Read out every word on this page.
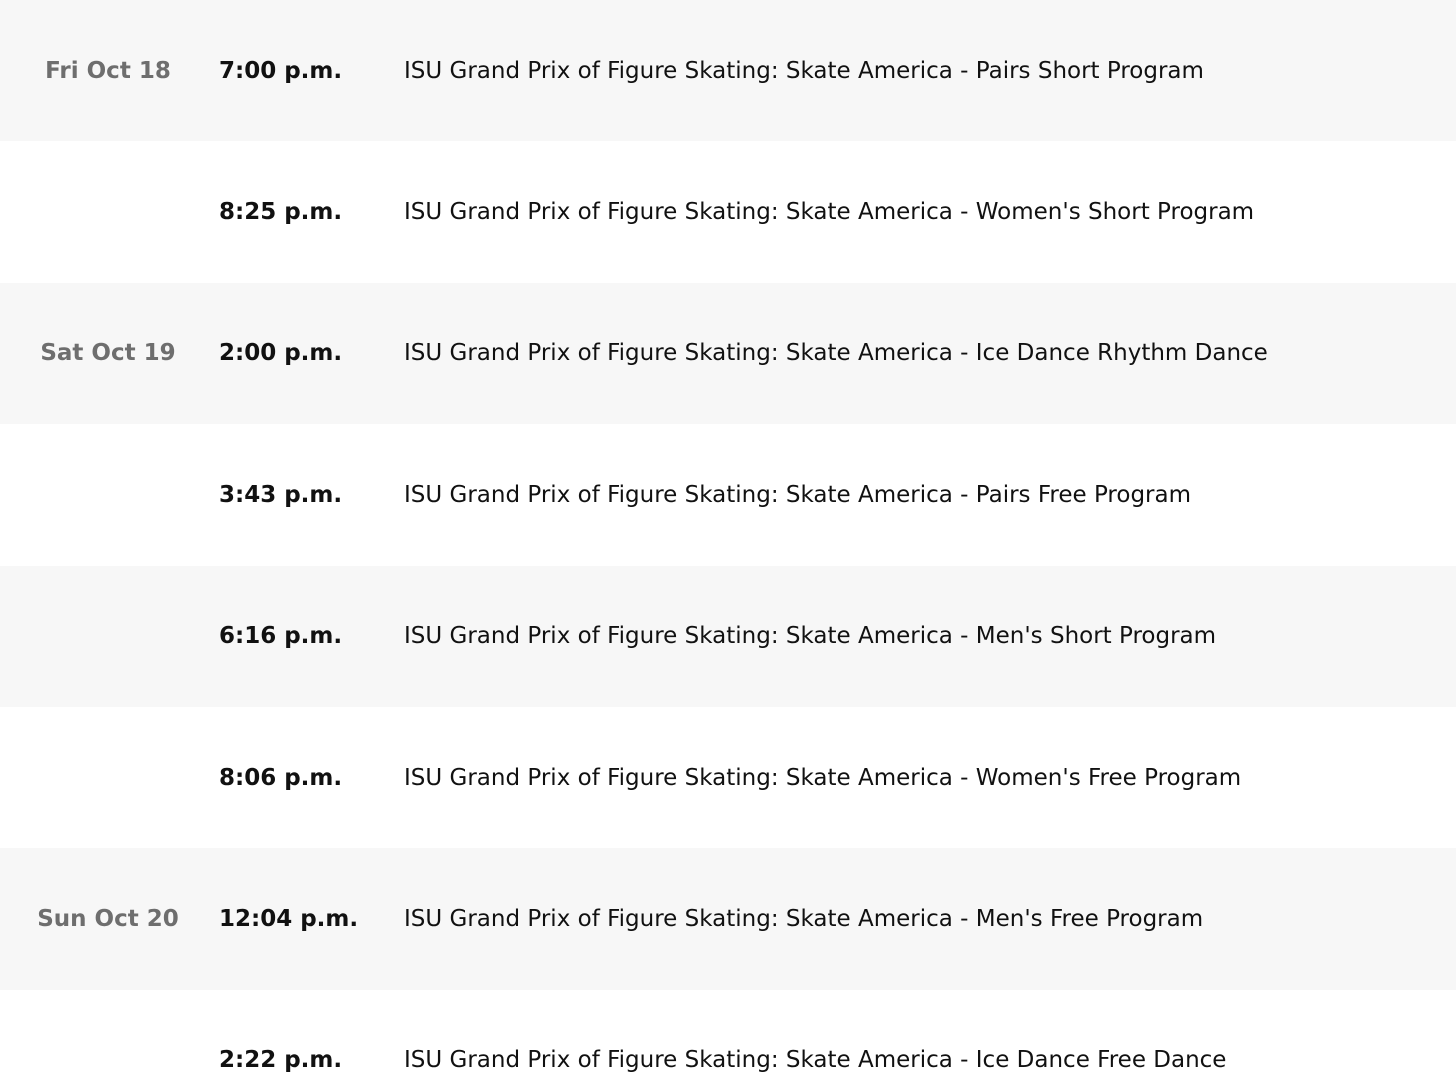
Fri Oct 18	7:00 p.m.	ISU Grand Prix of Figure Skating: Skate America - Pairs Short Program
8:25 p.m.	ISU Grand Prix of Figure Skating: Skate America - Women's Short Program
Sat Oct 19	2:00 p.m.	ISU Grand Prix of Figure Skating: Skate America - Ice Dance Rhythm Dance
3:43 p.m.	ISU Grand Prix of Figure Skating: Skate America - Pairs Free Program
6:16 p.m.	ISU Grand Prix of Figure Skating: Skate America - Men's Short Program
8:06 p.m.	ISU Grand Prix of Figure Skating: Skate America - Women's Free Program
Sun Oct 20	12:04 p.m.	ISU Grand Prix of Figure Skating: Skate America - Men's Free Program
2:22 p.m.	ISU Grand Prix of Figure Skating: Skate America - Ice Dance Free Dance
